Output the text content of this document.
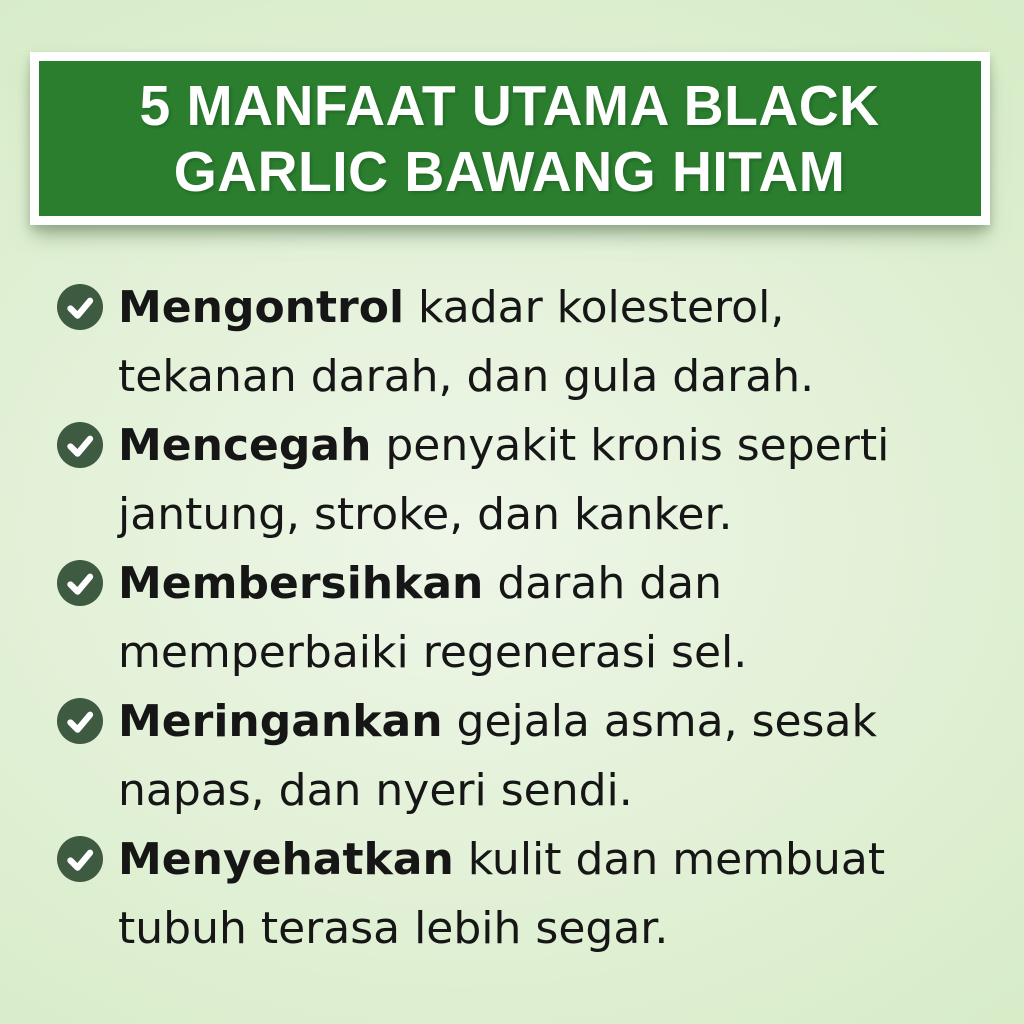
5 MANFAAT UTAMA BLACK
GARLIC BAWANG HITAM
Mengontrol kadar kolesterol,
tekanan darah, dan gula darah.
Mencegah penyakit kronis seperti
jantung, stroke, dan kanker.
Membersihkan darah dan
memperbaiki regenerasi sel.
Meringankan gejala asma, sesak
napas, dan nyeri sendi.
Menyehatkan kulit dan membuat
tubuh terasa lebih segar.
